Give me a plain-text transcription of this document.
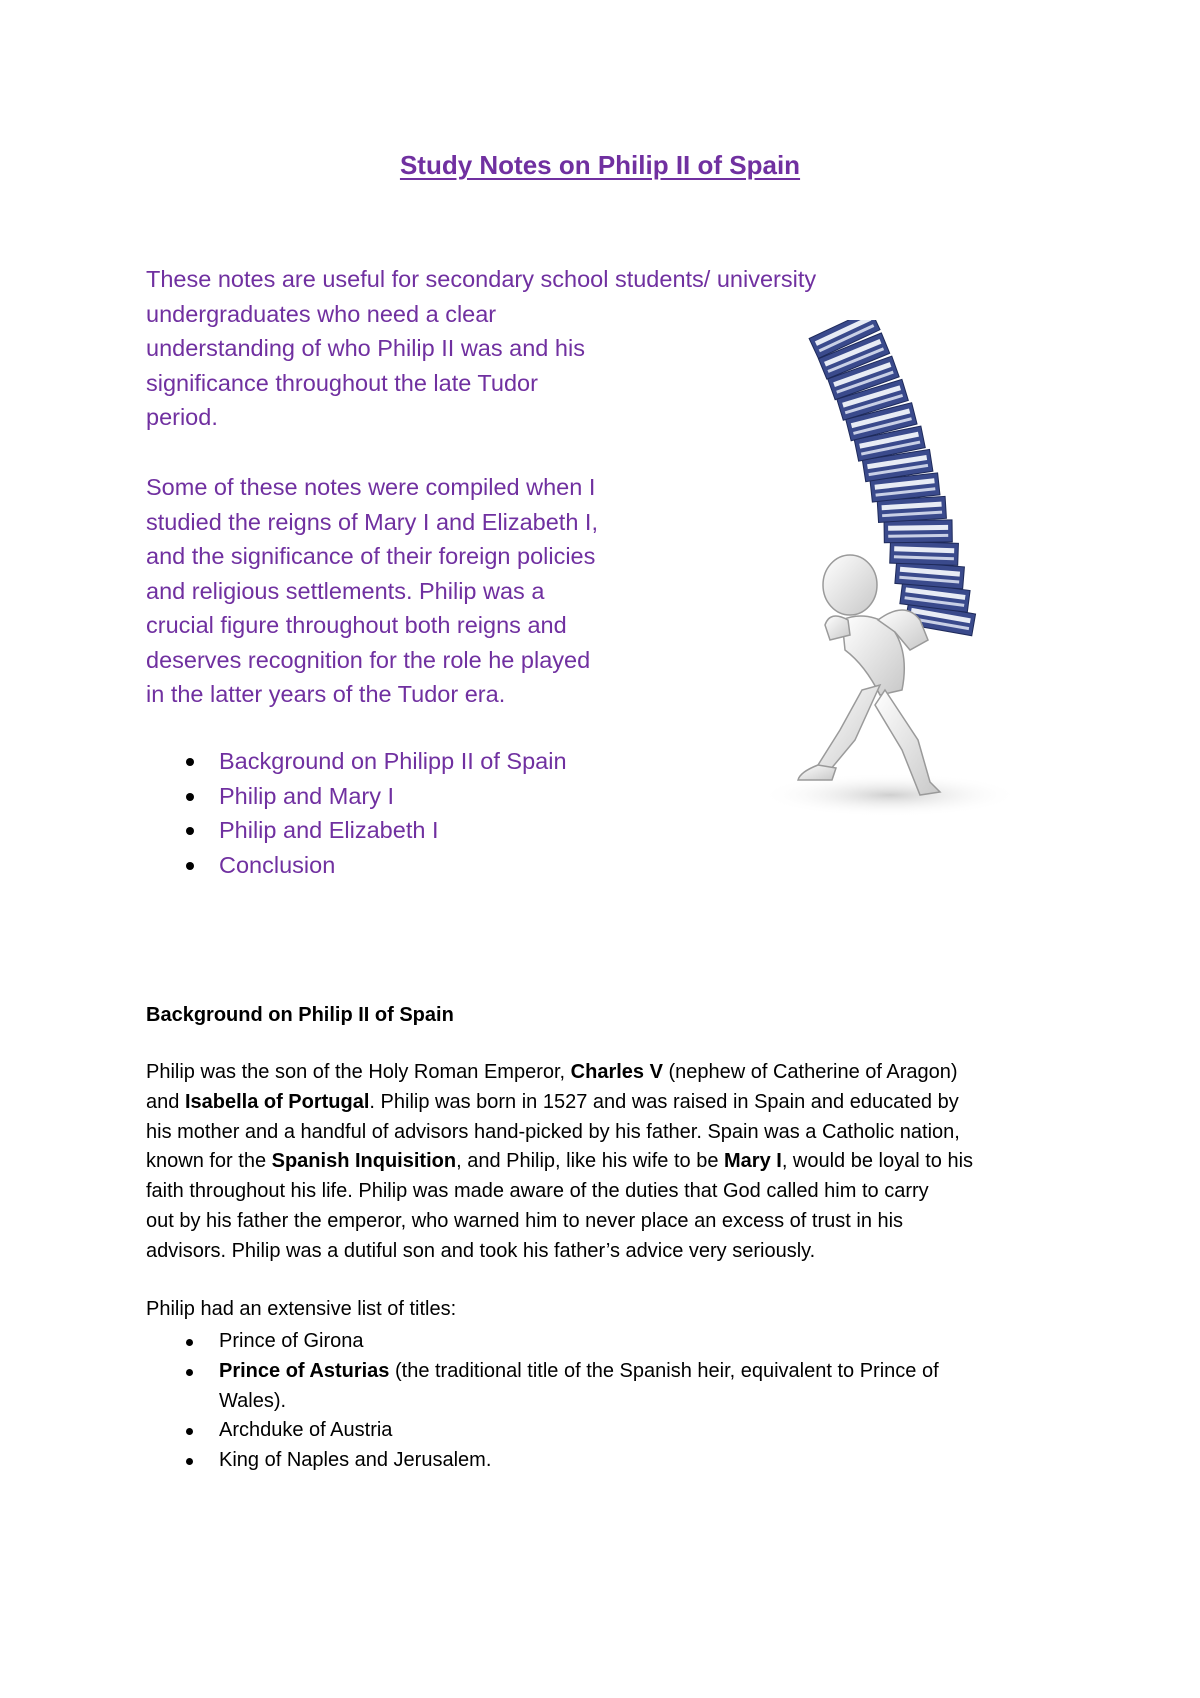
Study Notes on Philip II of Spain
These notes are useful for secondary school students/ university
undergraduates who need a clear
understanding of who Philip II was and his
significance throughout the late Tudor
period.
Some of these notes were compiled when I
studied the reigns of Mary I and Elizabeth I,
and the significance of their foreign policies
and religious settlements. Philip was a
crucial figure throughout both reigns and
deserves recognition for the role he played
in the latter years of the Tudor era.
Background on Philipp II of Spain
Philip and Mary I
Philip and Elizabeth I
Conclusion
Background on Philip II of Spain
Philip was the son of the Holy Roman Emperor, Charles V (nephew of Catherine of Aragon)
and Isabella of Portugal. Philip was born in 1527 and was raised in Spain and educated by
his mother and a handful of advisors hand-picked by his father. Spain was a Catholic nation,
known for the Spanish Inquisition, and Philip, like his wife to be Mary I, would be loyal to his
faith throughout his life. Philip was made aware of the duties that God called him to carry
out by his father the emperor, who warned him to never place an excess of trust in his
advisors. Philip was a dutiful son and took his father’s advice very seriously.
Philip had an extensive list of titles:
Prince of Girona
Prince of Asturias (the traditional title of the Spanish heir, equivalent to Prince of
Wales).
Archduke of Austria
King of Naples and Jerusalem.
